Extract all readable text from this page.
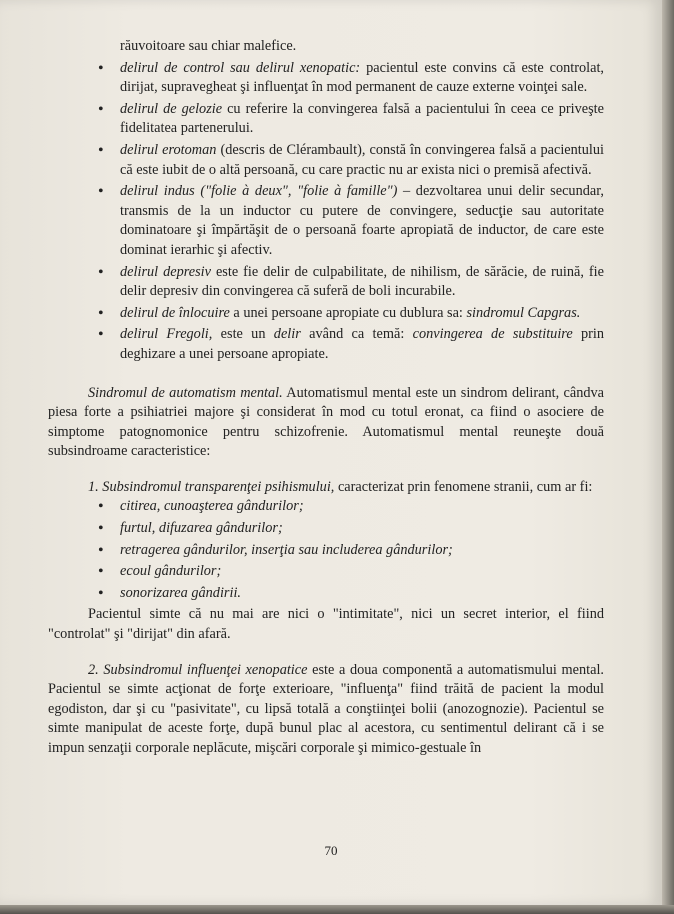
răuvoitoare sau chiar malefice.
• delirul de control sau delirul xenopatic: pacientul este convins că este controlat, dirijat, supravegheat şi influenţat în mod permanent de cauze externe voinţei sale.
• delirul de gelozie cu referire la convingerea falsă a pacientului în ceea ce priveşte fidelitatea partenerului.
• delirul erotoman (descris de Clérambault), constă în convingerea falsă a pacientului că este iubit de o altă persoană, cu care practic nu ar exista nici o premisă afectivă.
• delirul indus ("folie à deux", "folie à famille") – dezvoltarea unui delir secundar, transmis de la un inductor cu putere de convingere, seducţie sau autoritate dominatoare şi împărtăşit de o persoană foarte apropiată de inductor, de care este dominat ierarhic şi afectiv.
• delirul depresiv este fie delir de culpabilitate, de nihilism, de sărăcie, de ruină, fie delir depresiv din convingerea că suferă de boli incurabile.
• delirul de înlocuire a unei persoane apropiate cu dublura sa: sindromul Capgras.
• delirul Fregoli, este un delir având ca temă: convingerea de substituire prin deghizare a unei persoane apropiate.

Sindromul de automatism mental. Automatismul mental este un sindrom delirant, cândva piesa forte a psihiatriei majore şi considerat în mod cu totul eronat, ca fiind o asociere de simptome patognomonice pentru schizofrenie. Automatismul mental reuneşte două subsindroame caracteristice:

1. Subsindromul transparenţei psihismului, caracterizat prin fenomene stranii, cum ar fi:

• citirea, cunoaşterea gândurilor;
• furtul, difuzarea gândurilor;
• retragerea gândurilor, inserţia sau includerea gândurilor;
• ecoul gândurilor;
• sonorizarea gândirii.

Pacientul simte că nu mai are nici o "intimitate", nici un secret interior, el fiind "controlat" şi "dirijat" din afară.

2. Subsindromul influenţei xenopatice este a doua componentă a automatismului mental. Pacientul se simte acţionat de forţe exterioare, "influenţa" fiind trăită de pacient la modul egodiston, dar şi cu "pasivitate", cu lipsă totală a conştiinţei bolii (anozognozie). Pacientul se simte manipulat de aceste forţe, după bunul plac al acestora, cu sentimentul delirant că i se impun senzaţii corporale neplăcute, mişcări corporale şi mimico-gestuale în

70
